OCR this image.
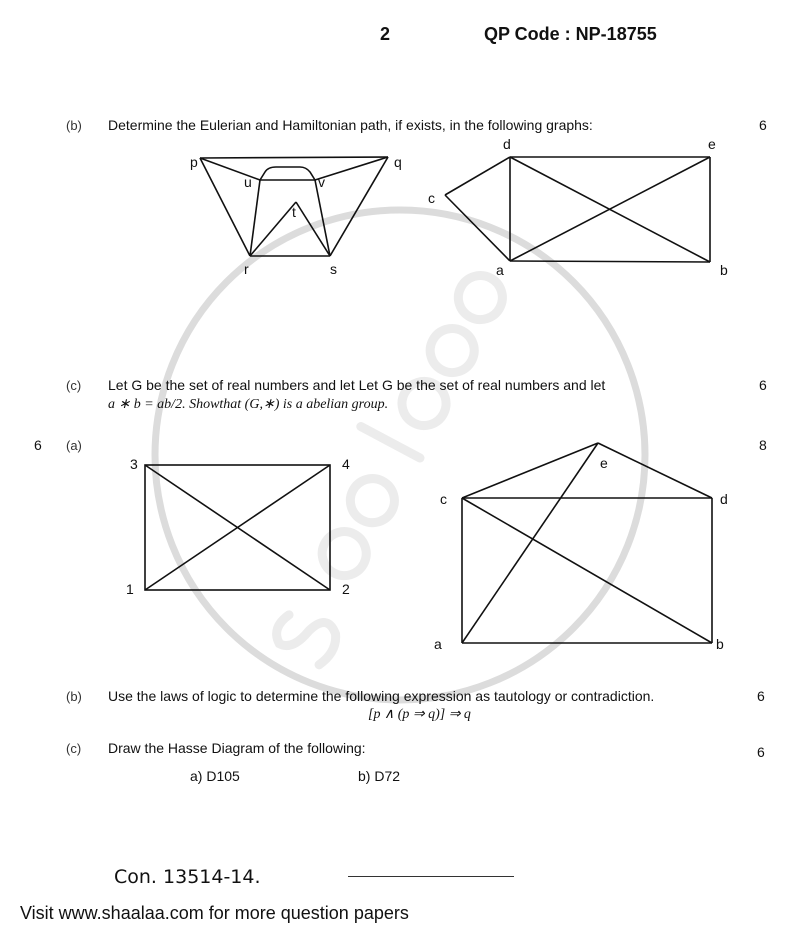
2	QP Code : NP-18755
(b) Determine the Eulerian and Hamiltonian path, if exists, in the following graphs:	6
p	q
u	v
t
r	s
d	e
c
a	b
(c) Let G be the set of real numbers and let Let G be the set of real numbers and let
a ∗ b = ab/2. Showthat (G,∗) is a abelian group.
6
6 (a)	8
3	4
1	2
e
c	d
a	b
(b) Use the laws of logic to determine the following expression as tautology or contradiction.	6
[p ∧ (p ⇒ q)] ⇒ q
(c) Draw the Hasse Diagram of the following:	6
a) D105	b) D72
Con. 13514-14.
Visit www.shaalaa.com for more question papers
